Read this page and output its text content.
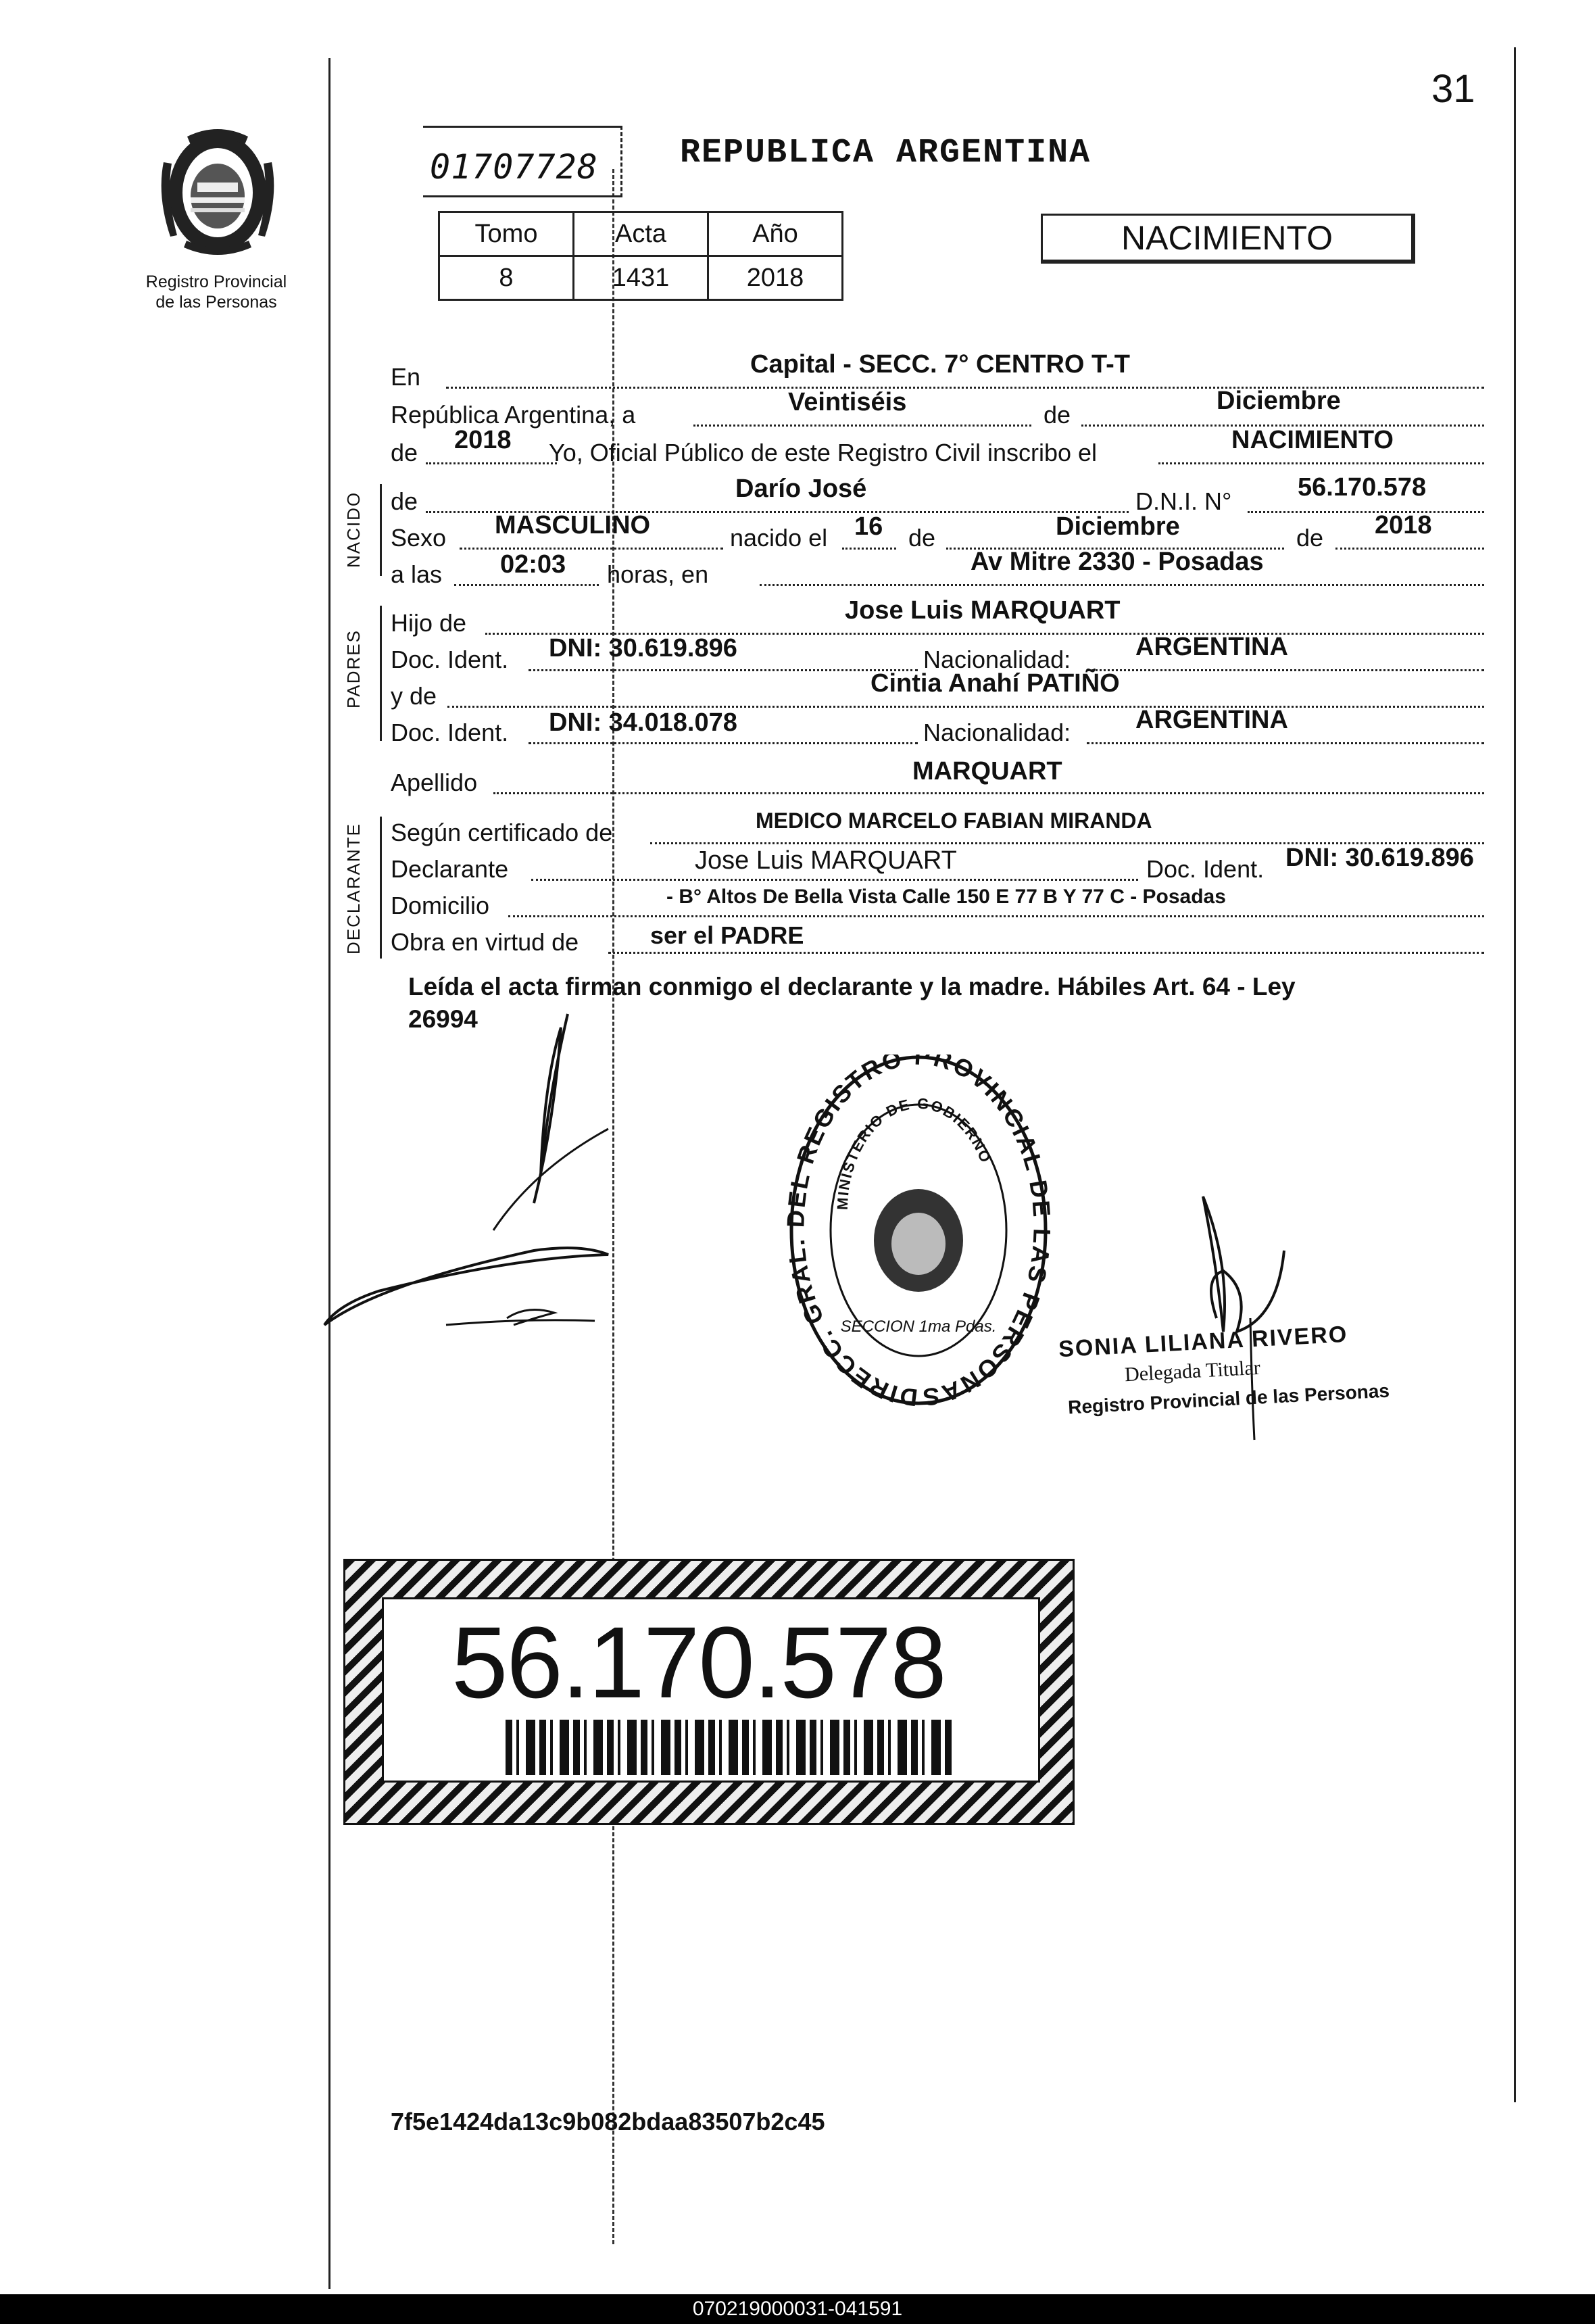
31
Registro Provincial
de las Personas
01707728 REPUBLICA ARGENTINA
Tomo	Acta	Año
8	1431	2018
NACIMIENTO
En	Capital - SECC. 7° CENTRO T-T
República Argentina, a	Veintiséis	de	Diciembre
de 2018 Yo, Oficial Público de este Registro Civil inscribo el	NACIMIENTO
NACIDO de	Darío José	D.N.I. N°	56.170.578
Sexo MASCULINO	nacido el 16 de	Diciembre	de 2018
a las 02:03 horas, en	Av Mitre 2330 - Posadas
PADRES
Hijo de	Jose Luis MARQUART
Doc. Ident. DNI: 30.619.896	Nacionalidad:	ARGENTINA
y de	Cintia Anahí PATIÑO
Doc. Ident. DNI: 34.018.078	Nacionalidad:	ARGENTINA
Apellido	MARQUART
DECLARANTE Según certificado de	MEDICO MARCELO FABIAN MIRANDA
Declarante	Jose Luis MARQUART	Doc. Ident. DNI: 30.619.896
Domicilio	- B° Altos De Bella Vista Calle 150 E 77 B Y 77 C - Posadas
Obra en virtud de	ser el PADRE
Leída el acta firman conmigo el declarante y la madre. Hábiles Art. 64 - Ley
26994
DIRECC. GRA L REGISTRO PROVINCIAL S PERSONAS
MINISTERIO DE GOBIERNO
SECCION 1ma Pdas.	SONIA LILIANA RIVERO
Delegada Titular
Registro Provincial de las Personas
56.170.578
7f5e1424da13c9b082bdaa83507b2c45
070219000031-041591
